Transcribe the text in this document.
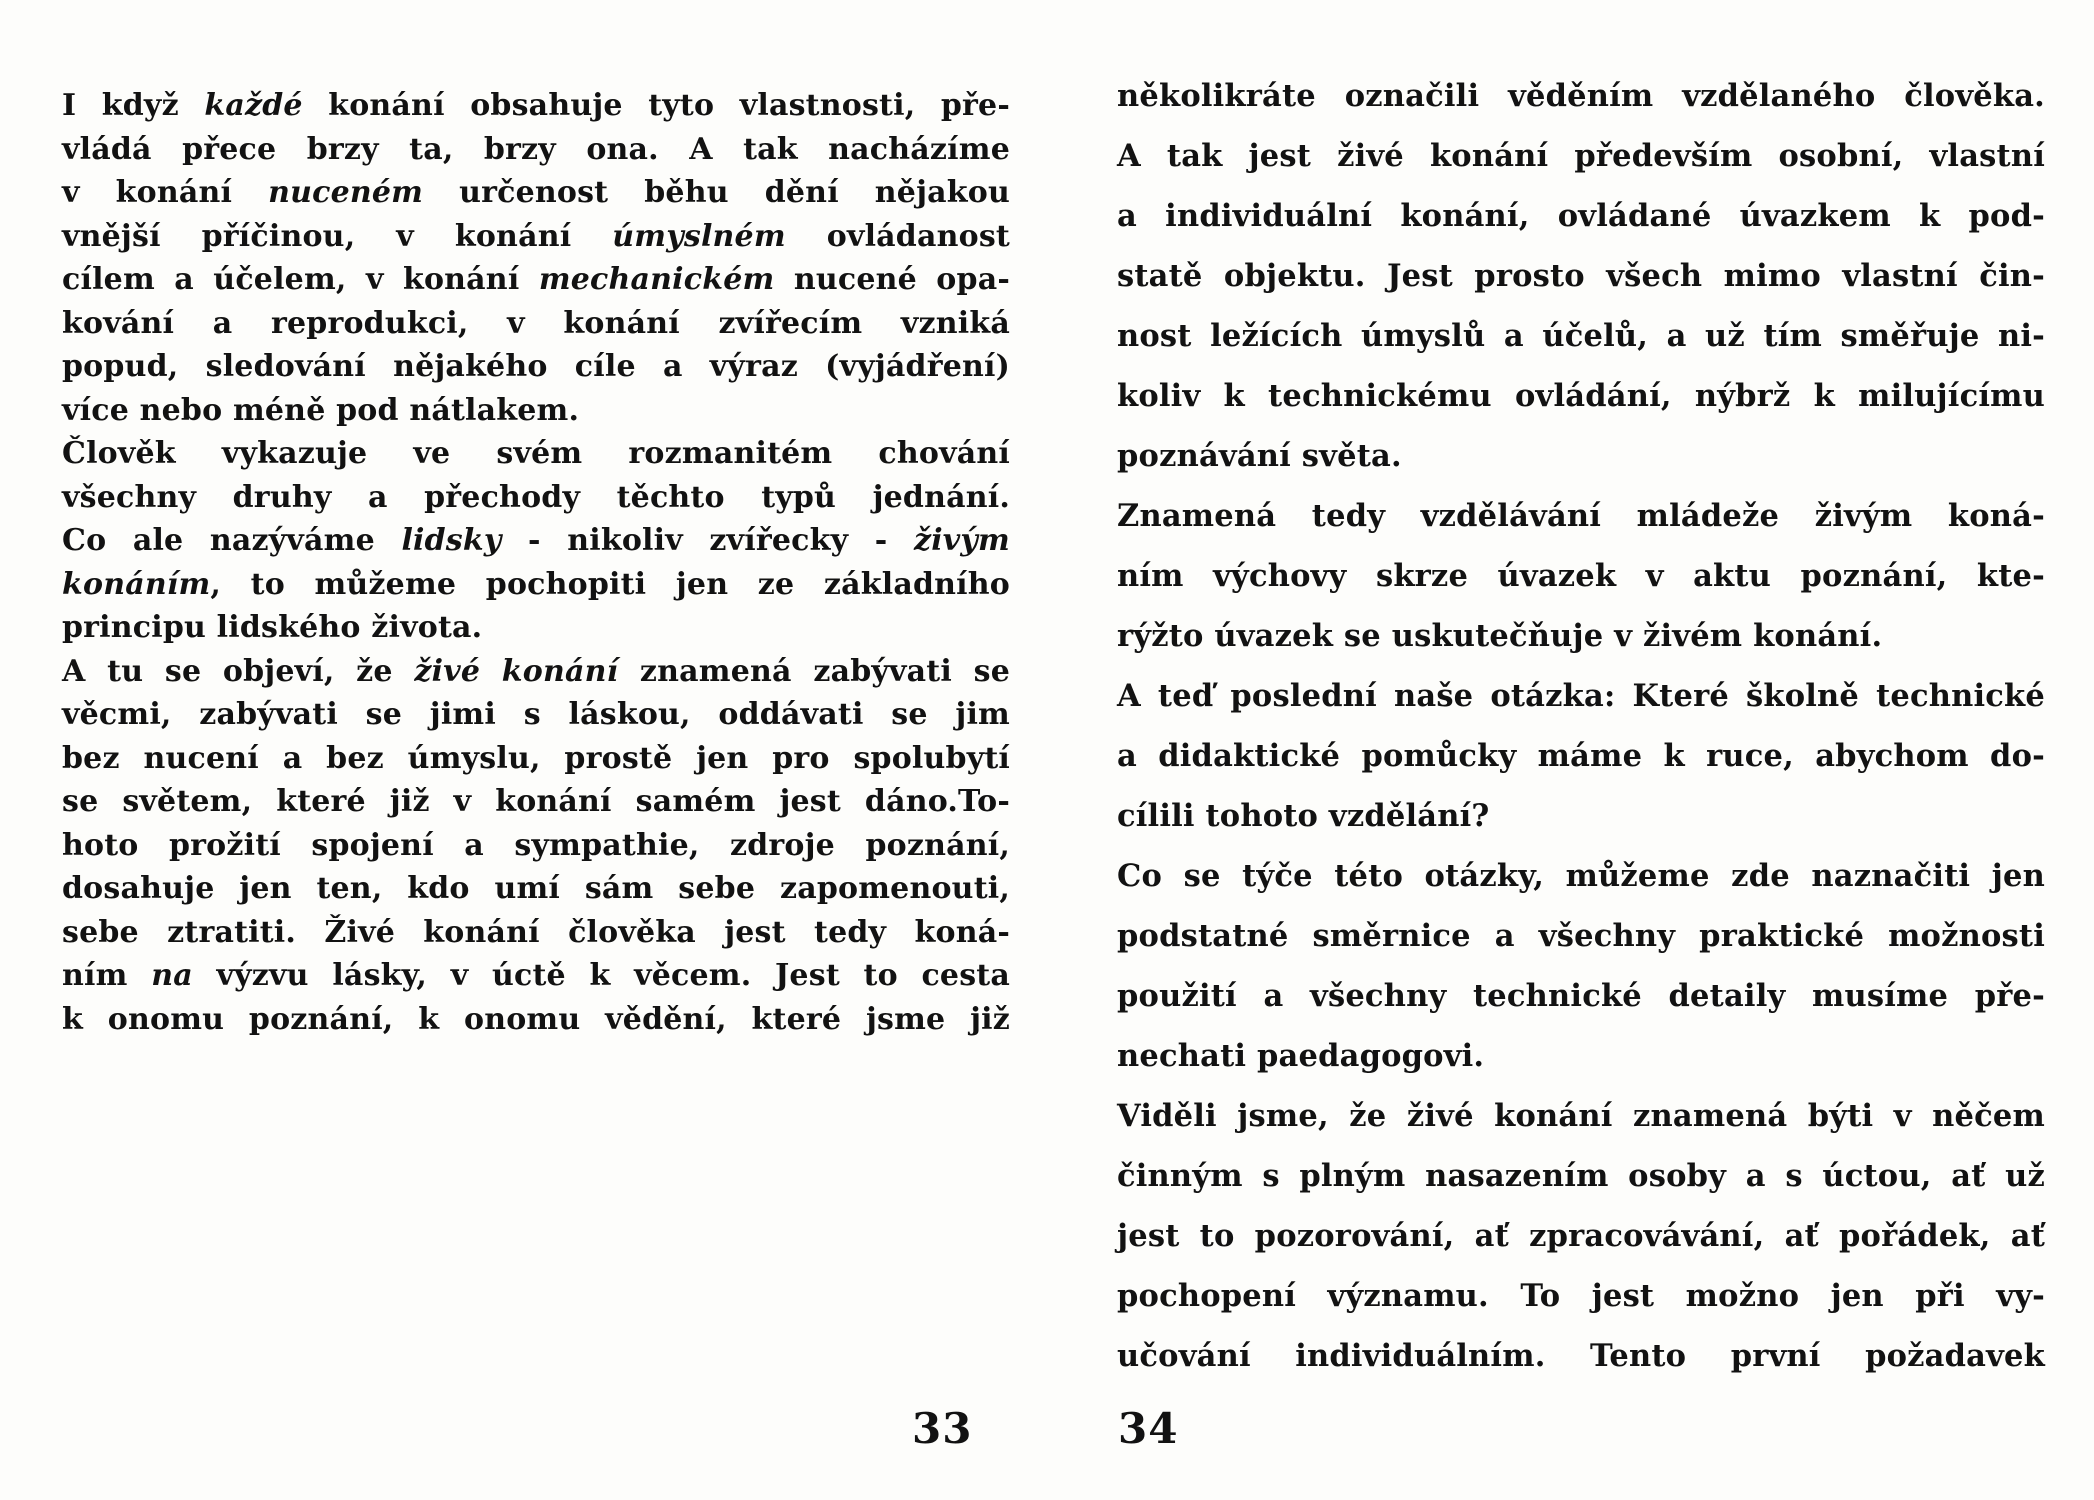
I když každé konání obsahuje tyto vlastnosti, pře-
vládá přece brzy ta, brzy ona. A tak nacházíme
v konání nuceném určenost běhu dění nějakou
vnější příčinou, v konání úmyslném ovládanost
cílem a účelem, v konání mechanickém nucené opa-
kování a reprodukci, v konání zvířecím vzniká
popud, sledování nějakého cíle a výraz (vyjádření)
více nebo méně pod nátlakem.
Člověk vykazuje ve svém rozmanitém chování
všechny druhy a přechody těchto typů jednání.
Co ale nazýváme lidsky - nikoliv zvířecky - živým
konáním, to můžeme pochopiti jen ze základního
principu lidského života.
A tu se objeví, že živé konání znamená zabývati se
věcmi, zabývati se jimi s láskou, oddávati se jim
bez nucení a bez úmyslu, prostě jen pro spolubytí
se světem, které již v konání samém jest dáno.To-
hoto prožití spojení a sympathie, zdroje poznání,
dosahuje jen ten, kdo umí sám sebe zapomenouti,
sebe ztratiti. Živé konání člověka jest tedy koná-
ním na výzvu lásky, v úctě k věcem. Jest to cesta
k onomu poznání, k onomu vědění, které jsme již
několikráte označili věděním vzdělaného člověka.
A tak jest živé konání především osobní, vlastní
a individuální konání, ovládané úvazkem k pod-
statě objektu. Jest prosto všech mimo vlastní čin-
nost ležících úmyslů a účelů, a už tím směřuje ni-
koliv k technickému ovládání, nýbrž k milujícímu
poznávání světa.
Znamená tedy vzdělávání mládeže živým koná-
ním výchovy skrze úvazek v aktu poznání, kte-
rýžto úvazek se uskutečňuje v živém konání.
A teď poslední naše otázka: Které školně technické
a didaktické pomůcky máme k ruce, abychom do-
cílili tohoto vzdělání?
Co se týče této otázky, můžeme zde naznačiti jen
podstatné směrnice a všechny praktické možnosti
použití a všechny technické detaily musíme pře-
nechati paedagogovi.
Viděli jsme, že živé konání znamená býti v něčem
činným s plným nasazením osoby a s úctou, ať už
jest to pozorování, ať zpracovávání, ať pořádek, ať
pochopení významu. To jest možno jen při vy-
učování individuálním. Tento první požadavek
33	34
